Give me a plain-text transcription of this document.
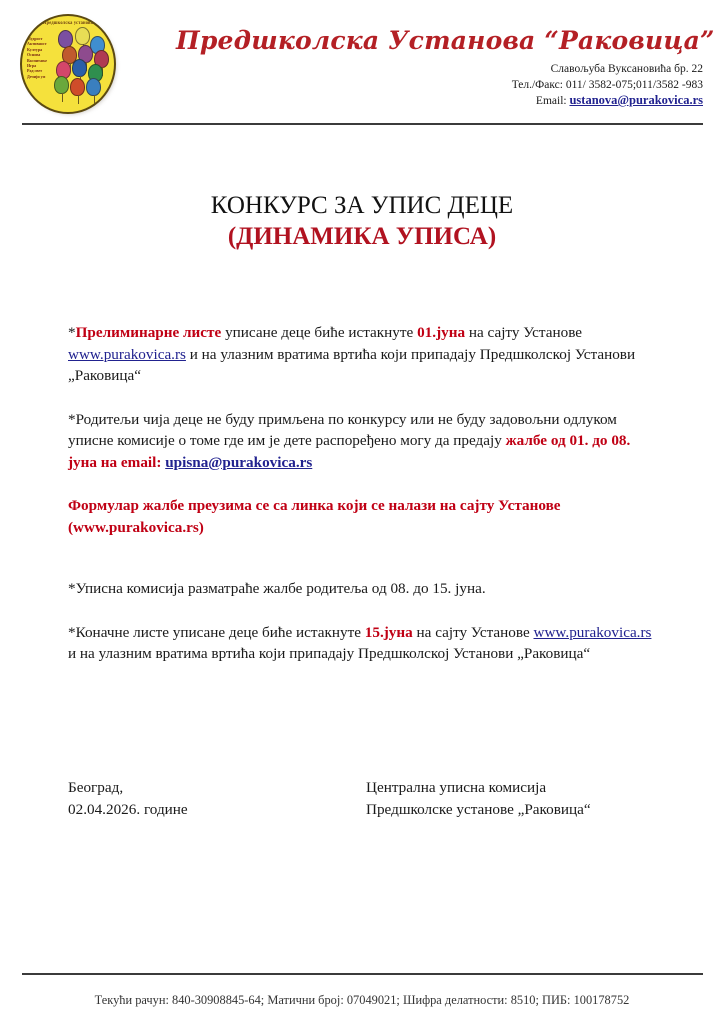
Предшколска установа
Мудрост
Активност
Култура
Основа
Васпитање
Игра
Рад свет
Дечији ум
Предшколска Установа “Раковица”
Славољуба Вуксановића бр. 22
Тел./Факс: 011/ 3582-075;011/3582 -983
Email: ustanova@purakovica.rs
КОНКУРС ЗА УПИС ДЕЦЕ
(ДИНАМИКА УПИСА)

*Прелиминарне листе уписане деце биће истакнуте 01.јуна на сајту Установе www.purakovica.rs и на улазним вратима вртића који припадају Предшколској Установи „Раковица“

*Родитељи чија деце не буду примљена по конкурсу или не буду задовољни одлуком уписне комисије о томе где им је дете распоређено могу да предају жалбе од 01. до 08. јуна на email: upisna@purakovica.rs

Формулар жалбе преузима се са линка који се налази на сајту Установе
(www.purakovica.rs)

*Уписна комисија разматраће жалбе родитеља од 08. до 15. јуна.

*Коначне листе уписане деце биће истакнуте 15.јуна на сајту Установе www.purakovica.rs и на улазним вратима вртића који припадају Предшколској Установи „Раковица“

Београд,
02.04.2026. године
Централна уписна комисија
Предшколске установе „Раковица“
Текући рачун: 840-30908845-64; Матични број: 07049021; Шифра делатности: 8510; ПИБ: 100178752
